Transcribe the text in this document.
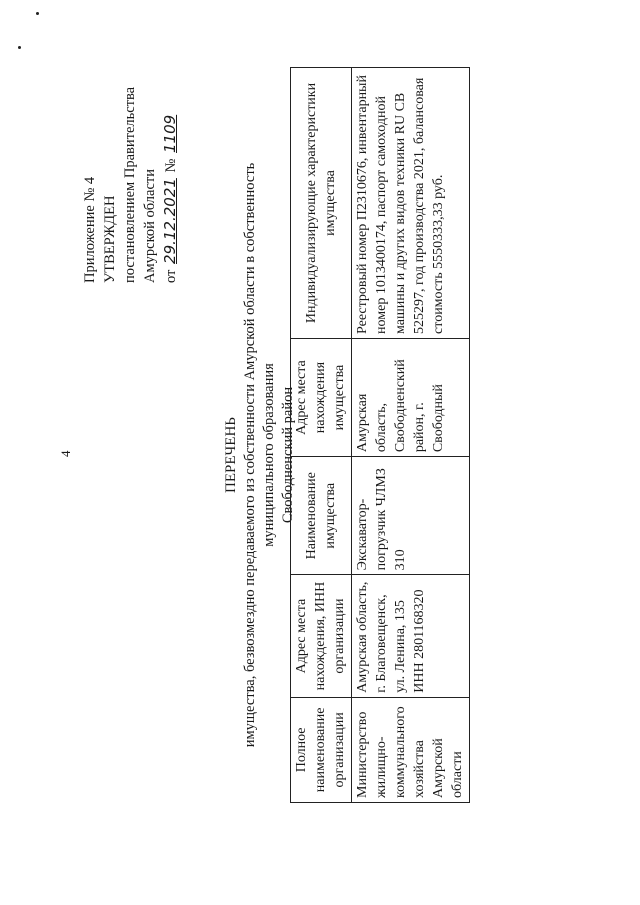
4
Приложение № 4 УТВЕРЖДЕН постановлением Правительства Амурской области от 29.12.2021 № 1109
ПЕРЕЧЕНЬ имущества, безвозмездно передаваемого из собственности Амурской области в собственность муниципального образования Свободненский район
Полное наименование организации	Адрес места нахождения, ИНН организации	Наименование имущества	Адрес места нахождения имущества	Индивидуализирующие характеристики имущества
Министерство жилищно-коммунального хозяйства Амурской области	Амурская область, г. Благовещенск, ул. Ленина, 135 ИНН 2801168320	Экскаватор-погрузчик ЧЛМЗ 310	Амурская область, Свободненский район, г. Свободный	Реестровый номер П2310676, инвентарный номер 1013400174, паспорт самоходной машины и других видов техники RU CB 525297, год производства 2021, балансовая стоимость 5550333,33 руб.
